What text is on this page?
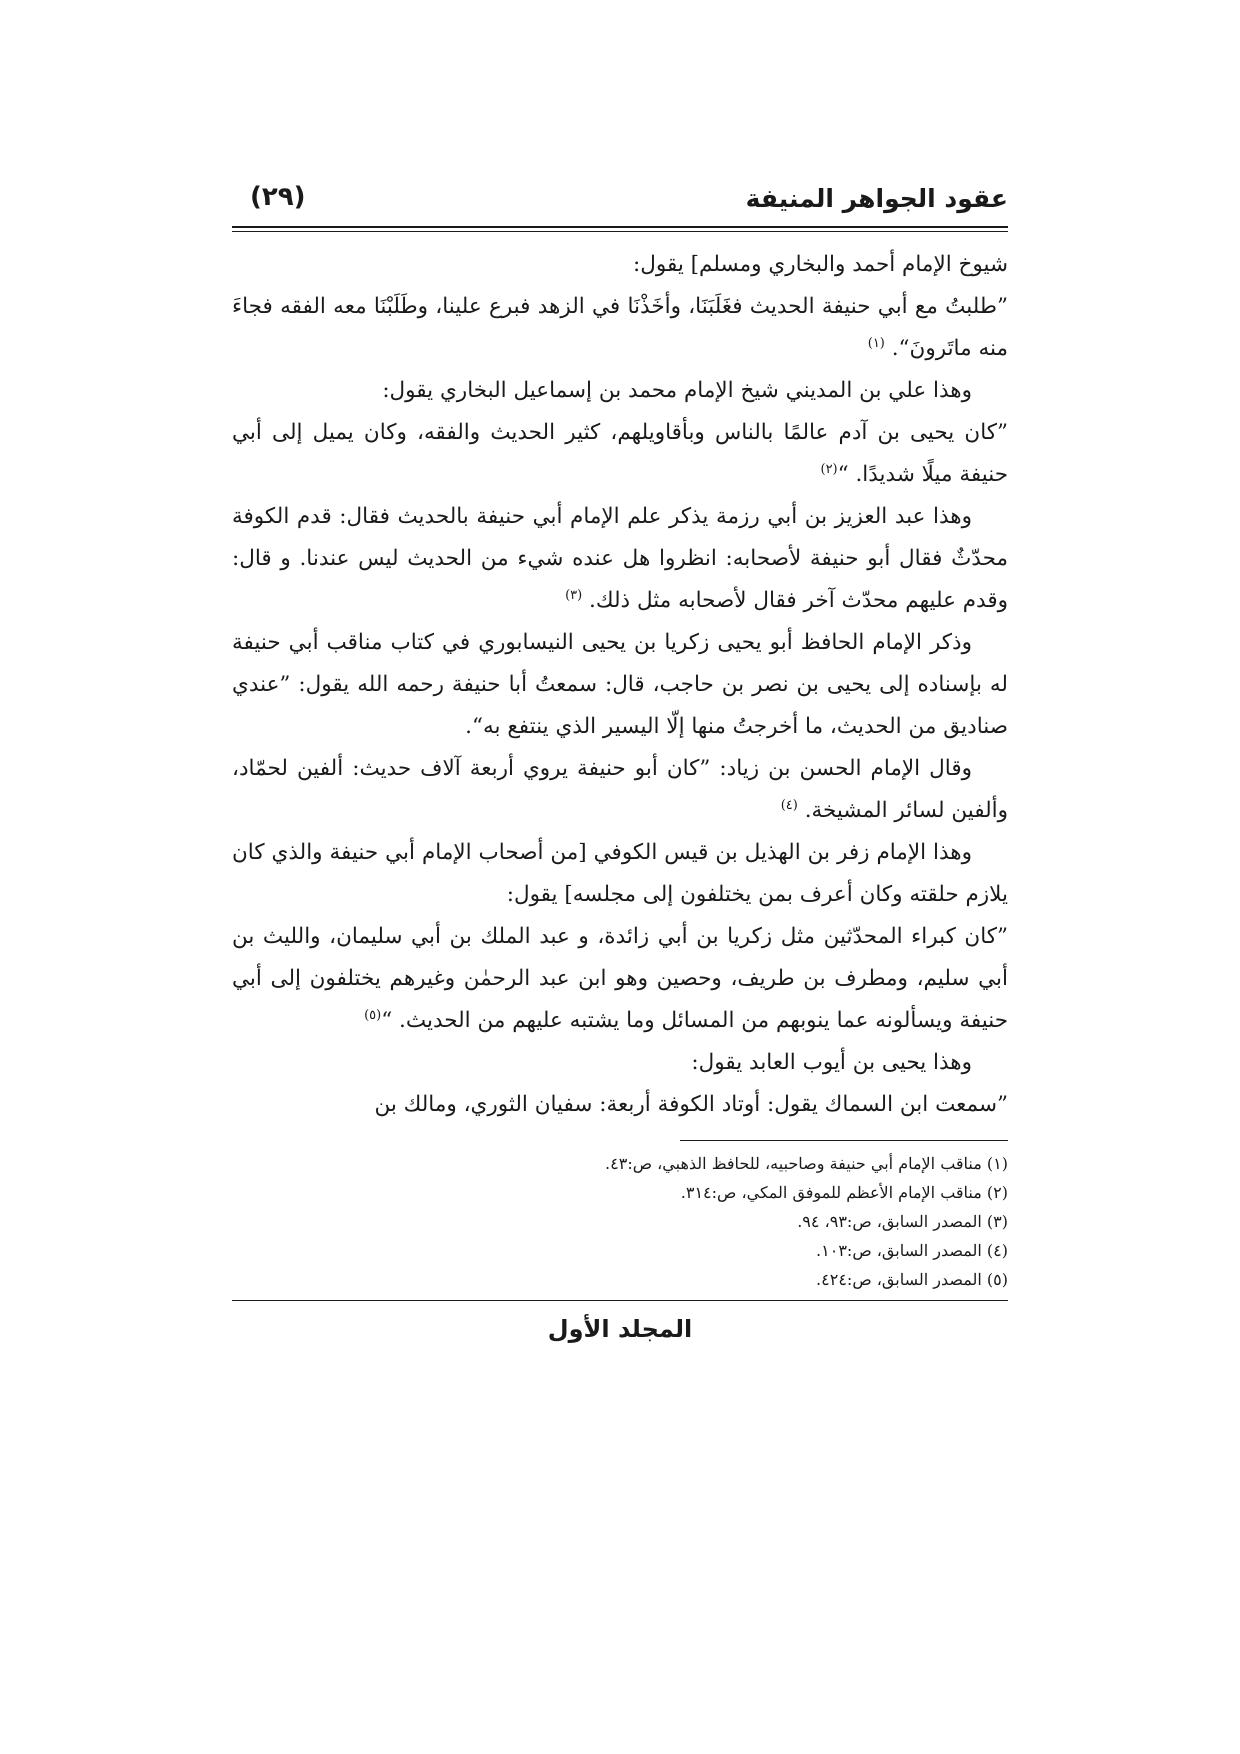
عقود الجواهر المنيفة
(٢٩)

شيوخ الإمام أحمد والبخاري ومسلم] يقول:

”طلبتُ مع أبي حنيفة الحديث فغَلَبَنَا، وأخَذْنَا في الزهد فبرع علينا، وطَلَبْنَا معه الفقه فجاءَ منه ماتَرونَ“. $^{(١)}$

وهذا علي بن المديني شيخ الإمام محمد بن إسماعيل البخاري يقول:

”كان يحيى بن آدم عالمًا بالناس وبأقاويلهم، كثير الحديث والفقه، وكان يميل إلى أبي حنيفة ميلًا شديدًا. “$^{(٢)}$

وهذا عبد العزيز بن أبي رزمة يذكر علم الإمام أبي حنيفة بالحديث فقال: قدم الكوفة محدّثٌ فقال أبو حنيفة لأصحابه: انظروا هل عنده شيء من الحديث ليس عندنا. و قال: وقدم عليهم محدّث آخر فقال لأصحابه مثل ذلك. $^{(٣)}$

وذكر الإمام الحافظ أبو يحيى زكريا بن يحيى النيسابوري في كتاب مناقب أبي حنيفة له بإسناده إلى يحيى بن نصر بن حاجب، قال: سمعتُ أبا حنيفة رحمه الله يقول: ”عندي صناديق من الحديث، ما أخرجتُ منها إلّا اليسير الذي ينتفع به“.

وقال الإمام الحسن بن زياد: ”كان أبو حنيفة يروي أربعة آلاف حديث: ألفين لحمّاد، وألفين لسائر المشيخة. $^{(٤)}$

وهذا الإمام زفر بن الهذيل بن قيس الكوفي [من أصحاب الإمام أبي حنيفة والذي كان يلازم حلقته وكان أعرف بمن يختلفون إلى مجلسه] يقول:

”كان كبراء المحدّثين مثل زكريا بن أبي زائدة، و عبد الملك بن أبي سليمان، والليث بن أبي سليم، ومطرف بن طريف، وحصين وهو ابن عبد الرحمٰن وغيرهم يختلفون إلى أبي حنيفة ويسألونه عما ينوبهم من المسائل وما يشتبه عليهم من الحديث. “$^{(٥)}$

وهذا يحيى بن أيوب العابد يقول:

”سمعت ابن السماك يقول: أوتاد الكوفة أربعة: سفيان الثوري، ومالك بن

(١) مناقب الإمام أبي حنيفة وصاحبيه، للحافظ الذهبي، ص:٤٣.
(٢) مناقب الإمام الأعظم للموفق المكي، ص:٣١٤.
(٣) المصدر السابق، ص:٩٣، ٩٤.
(٤) المصدر السابق، ص:١٠٣.
(٥) المصدر السابق، ص:٤٢٤.
المجلد الأول
